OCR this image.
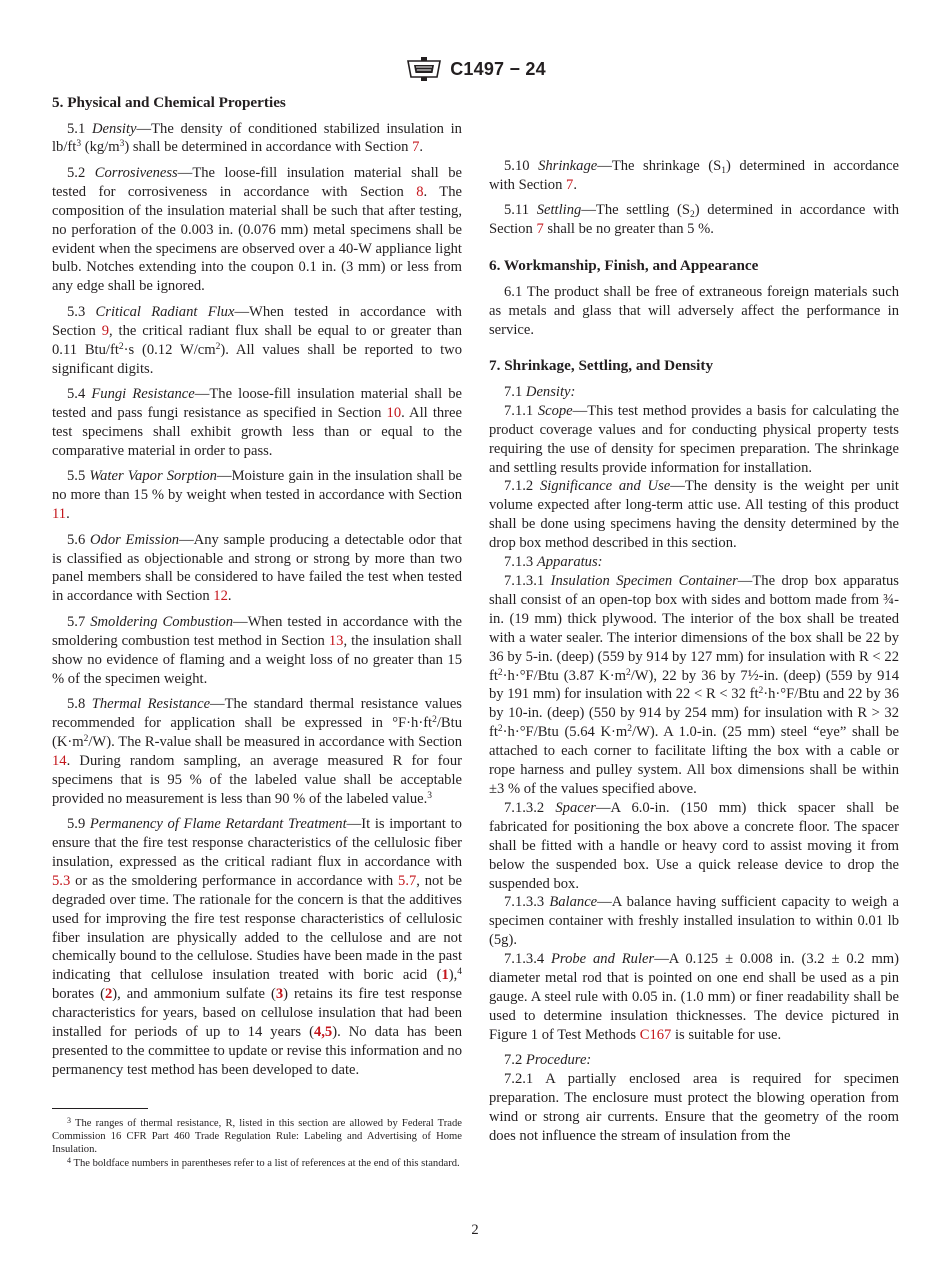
C1497 − 24
5. Physical and Chemical Properties

5.1 Density—The density of conditioned stabilized insulation in $lb/ft^3$ $(kg/m^3)$ shall be determined in accordance with Section 7.

5.2 Corrosiveness—The loose-fill insulation material shall be tested for corrosiveness in accordance with Section 8. The composition of the insulation material shall be such that after testing, no perforation of the 0.003 in. (0.076 mm) metal specimens shall be evident when the specimens are observed over a 40-W appliance light bulb. Notches extending into the coupon 0.1 in. (3 mm) or less from any edge shall be ignored.

5.3 Critical Radiant Flux—When tested in accordance with Section 9, the critical radiant flux shall be equal to or greater than 0.11 Btu/$ft^2\cdot s$ (0.12 $W/cm^2$). All values shall be reported to two significant digits.

5.4 Fungi Resistance—The loose-fill insulation material shall be tested and pass fungi resistance as specified in Section 10. All three test specimens shall exhibit growth less than or equal to the comparative material in order to pass.

5.5 Water Vapor Sorption—Moisture gain in the insulation shall be no more than 15 % by weight when tested in accordance with Section 11.

5.6 Odor Emission—Any sample producing a detectable odor that is classified as objectionable and strong or strong by more than two panel members shall be considered to have failed the test when tested in accordance with Section 12.

5.7 Smoldering Combustion—When tested in accordance with the smoldering combustion test method in Section 13, the insulation shall show no evidence of flaming and a weight loss of no greater than 15 % of the specimen weight.

5.8 Thermal Resistance—The standard thermal resistance values recommended for application shall be expressed in $^\circ F\cdot h\cdot ft^2$/Btu $(K\cdot m^2/W)$. The R-value shall be measured in accordance with Section 14. During random sampling, an average measured R for four specimens that is 95 % of the labeled value shall be acceptable provided no measurement is less than 90 % of the labeled value.$^3$

5.9 Permanency of Flame Retardant Treatment—It is important to ensure that the fire test response characteristics of the cellulosic fiber insulation, expressed as the critical radiant flux in accordance with 5.3 or as the smoldering performance in accordance with 5.7, not be degraded over time. The rationale for the concern is that the additives used for improving the fire test response characteristics of cellulosic fiber insulation are physically added to the cellulose and are not chemically bound to the cellulose. Studies have been made in the past indicating that cellulose insulation treated with boric acid (1),$^4$ borates (2), and ammonium sulfate (3) retains its fire test response characteristics for years, based on cellulose insulation that had been installed for periods of up to 14 years (4,5). No data has been presented to the committee to update or revise this information and no permanency test method has been developed to date.

5.10 Shrinkage—The shrinkage $(S_1)$ determined in accordance with Section 7.

5.11 Settling—The settling $(S_2)$ determined in accordance with Section 7 shall be no greater than 5 %.

6. Workmanship, Finish, and Appearance

6.1 The product shall be free of extraneous foreign materials such as metals and glass that will adversely affect the performance in service.

7. Shrinkage, Settling, and Density

7.1 Density:

7.1.1 Scope—This test method provides a basis for calculating the product coverage values and for conducting physical property tests requiring the use of density for specimen preparation. The shrinkage and settling results provide information for installation.

7.1.2 Significance and Use—The density is the weight per unit volume expected after long-term attic use. All testing of this product shall be done using specimens having the density determined by the drop box method described in this section.

7.1.3 Apparatus:

7.1.3.1 Insulation Specimen Container—The drop box apparatus shall consist of an open-top box with sides and bottom made from ¾-in. (19 mm) thick plywood. The interior of the box shall be treated with a water sealer. The interior dimensions of the box shall be 22 by 36 by 5-in. (deep) (559 by 914 by 127 mm) for insulation with R < 22 $ft^2\cdot h\cdot^\circ F$/Btu (3.87 $K\cdot m^2/W$), 22 by 36 by 7½-in. (deep) (559 by 914 by 191 mm) for insulation with 22 < R < 32 $ft^2\cdot h\cdot^\circ F$/Btu and 22 by 36 by 10-in. (deep) (550 by 914 by 254 mm) for insulation with R > 32 $ft^2\cdot h\cdot^\circ F$/Btu (5.64 $K\cdot m^2/W$). A 1.0-in. (25 mm) steel “eye” shall be attached to each corner to facilitate lifting the box with a cable or rope harness and pulley system. All box dimensions shall be within ±3 % of the values specified above.

7.1.3.2 Spacer—A 6.0-in. (150 mm) thick spacer shall be fabricated for positioning the box above a concrete floor. The spacer shall be fitted with a handle or heavy cord to assist moving it from below the suspended box. Use a quick release device to drop the suspended box.

7.1.3.3 Balance—A balance having sufficient capacity to weigh a specimen container with freshly installed insulation to within 0.01 lb (5g).

7.1.3.4 Probe and Ruler—A 0.125 ± 0.008 in. (3.2 ± 0.2 mm) diameter metal rod that is pointed on one end shall be used as a pin gauge. A steel rule with 0.05 in. (1.0 mm) or finer readability shall be used to determine insulation thicknesses. The device pictured in Figure 1 of Test Methods C167 is suitable for use.

7.2 Procedure:

7.2.1 A partially enclosed area is required for specimen preparation. The enclosure must protect the blowing operation from wind or strong air currents. Ensure that the geometry of the room does not influence the stream of insulation from the

$^3$ The ranges of thermal resistance, R, listed in this section are allowed by Federal Trade Commission 16 CFR Part 460 Trade Regulation Rule: Labeling and Advertising of Home Insulation.

$^4$ The boldface numbers in parentheses refer to a list of references at the end of this standard.

2
